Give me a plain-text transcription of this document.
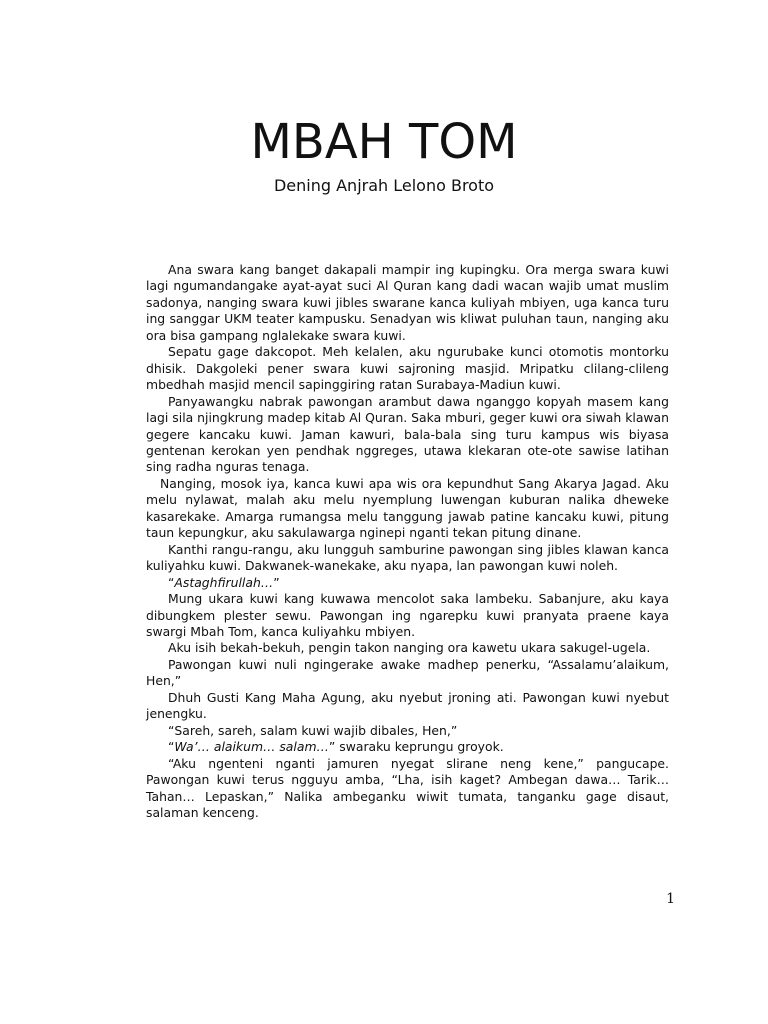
MBAH TOM

Dening Anjrah Lelono Broto

Ana swara kang banget dakapali mampir ing kupingku. Ora merga swara kuwi lagi ngumandangake ayat-ayat suci Al Quran kang dadi wacan wajib umat muslim sadonya, nanging swara kuwi jibles swarane kanca kuliyah mbiyen, uga kanca turu ing sanggar UKM teater kampusku. Senadyan wis kliwat puluhan taun, nanging aku ora bisa gampang nglalekake swara kuwi.

Sepatu gage dakcopot. Meh kelalen, aku ngurubake kunci otomotis montorku dhisik. Dakgoleki pener swara kuwi sajroning masjid. Mripatku clilang-clileng mbedhah masjid mencil sapinggiring ratan Surabaya-Madiun kuwi.

Panyawangku nabrak pawongan arambut dawa nganggo kopyah masem kang lagi sila njingkrung madep kitab Al Quran. Saka mburi, geger kuwi ora siwah klawan gegere kancaku kuwi. Jaman kawuri, bala-bala sing turu kampus wis biyasa gentenan kerokan yen pendhak nggreges, utawa klekaran ote-ote sawise latihan sing radha nguras tenaga.

Nanging, mosok iya, kanca kuwi apa wis ora kepundhut Sang Akarya Jagad. Aku melu nylawat, malah aku melu nyemplung luwengan kuburan nalika dheweke kasarekake. Amarga rumangsa melu tanggung jawab patine kancaku kuwi, pitung taun kepungkur, aku sakulawarga nginepi nganti tekan pitung dinane.

Kanthi rangu-rangu, aku lungguh samburine pawongan sing jibles klawan kanca kuliyahku kuwi. Dakwanek-wanekake, aku nyapa, lan pawongan kuwi noleh.

“Astaghfirullah…”

Mung ukara kuwi kang kuwawa mencolot saka lambeku. Sabanjure, aku kaya dibungkem plester sewu. Pawongan ing ngarepku kuwi pranyata praene kaya swargi Mbah Tom, kanca kuliyahku mbiyen.

Aku isih bekah-bekuh, pengin takon nanging ora kawetu ukara sakugel-ugela.

Pawongan kuwi nuli ngingerake awake madhep penerku, “Assalamu’alaikum, Hen,”

Dhuh Gusti Kang Maha Agung, aku nyebut jroning ati. Pawongan kuwi nyebut jenengku.

“Sareh, sareh, salam kuwi wajib dibales, Hen,”

“Wa’… alaikum… salam…” swaraku keprungu groyok.

“Aku ngenteni nganti jamuren nyegat slirane neng kene,” pangucape. Pawongan kuwi terus ngguyu amba, “Lha, isih kaget? Ambegan dawa… Tarik… Tahan… Lepaskan,” Nalika ambeganku wiwit tumata, tanganku gage disaut, salaman kenceng.

1
